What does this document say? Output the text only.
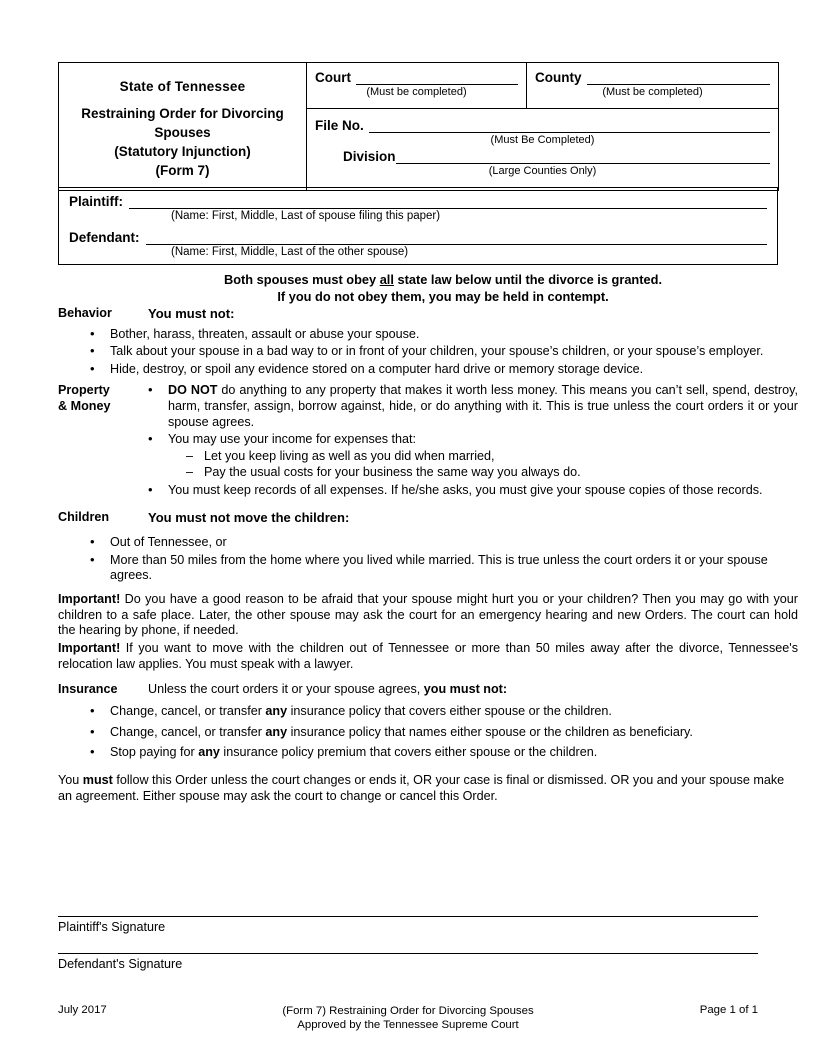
State of Tennessee
Restraining Order for Divorcing Spouses
(Statutory Injunction)
(Form 7)

Court
(Must be completed)

County
(Must be completed)

File No.
(Must Be Completed)
Division
(Large Counties Only)
Plaintiff:
(Name: First, Middle, Last of spouse filing this paper)
Defendant:
(Name: First, Middle, Last of the other spouse)
Both spouses must obey all state law below until the divorce is granted.
If you do not obey them, you may be held in contempt.
Behavior	You must not:
• Bother, harass, threaten, assault or abuse your spouse.
• Talk about your spouse in a bad way to or in front of your children, your spouse’s children, or your spouse’s employer.
• Hide, destroy, or spoil any evidence stored on a computer hard drive or memory storage device.
Property
& Money
• DO NOT do anything to any property that makes it worth less money. This means you can’t sell, spend, destroy, harm, transfer, assign, borrow against, hide, or do anything with it. This is true unless the court orders it or your spouse agrees.
• You may use your income for expenses that:
– Let you keep living as well as you did when married,
– Pay the usual costs for your business the same way you always do.
• You must keep records of all expenses. If he/she asks, you must give your spouse copies of those records.
Children	You must not move the children:
• Out of Tennessee, or
• More than 50 miles from the home where you lived while married. This is true unless the court orders it or your spouse agrees.
Important! Do you have a good reason to be afraid that your spouse might hurt you or your children? Then you may go with your children to a safe place. Later, the other spouse may ask the court for an emergency hearing and new Orders. The court can hold the hearing by phone, if needed.
Important! If you want to move with the children out of Tennessee or more than 50 miles away after the divorce, Tennessee's relocation law applies. You must speak with a lawyer.
Insurance	Unless the court orders it or your spouse agrees, you must not:
• Change, cancel, or transfer any insurance policy that covers either spouse or the children.
• Change, cancel, or transfer any insurance policy that names either spouse or the children as beneficiary.
• Stop paying for any insurance policy premium that covers either spouse or the children.
You must follow this Order unless the court changes or ends it, OR your case is final or dismissed. OR you and your spouse make an agreement. Either spouse may ask the court to change or cancel this Order.
Plaintiff's Signature
Defendant's Signature
July 2017	(Form 7) Restraining Order for Divorcing Spouses
Approved by the Tennessee Supreme Court
Page 1 of 1
